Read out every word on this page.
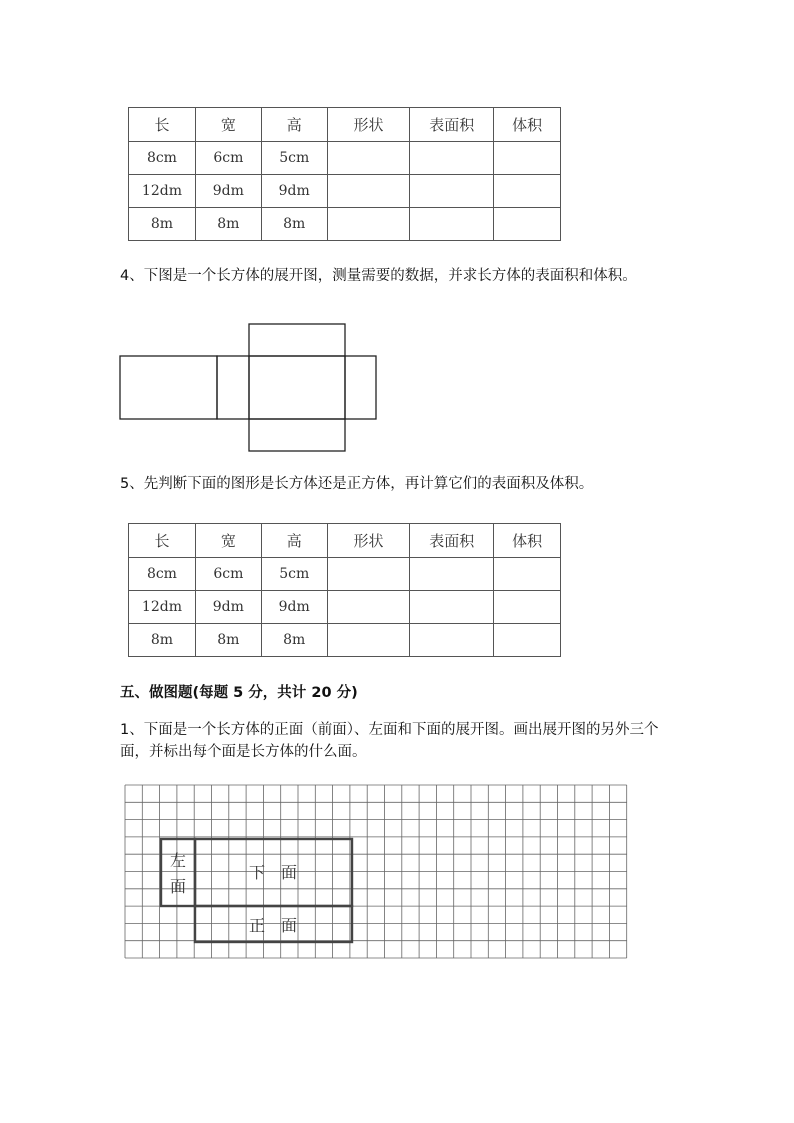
长	宽	高	形状	表面积	体积
8cm	6cm	5cm			
12dm	9dm	9dm			
8m	8m	8m			
4、下图是一个长方体的展开图，测量需要的数据，并求长方体的表面积和体积。
5、先判断下面的图形是长方体还是正方体，再计算它们的表面积及体积。
长	宽	高	形状	表面积	体积
8cm	6cm	5cm			
12dm	9dm	9dm			
8m	8m	8m			
五、做图题(每题 5 分，共计 20 分)
1、下面是一个长方体的正面（前面）、左面和下面的展开图。画出展开图的另外三个面，并标出每个面是长方体的什么面。
左
面
下　面
正　面
